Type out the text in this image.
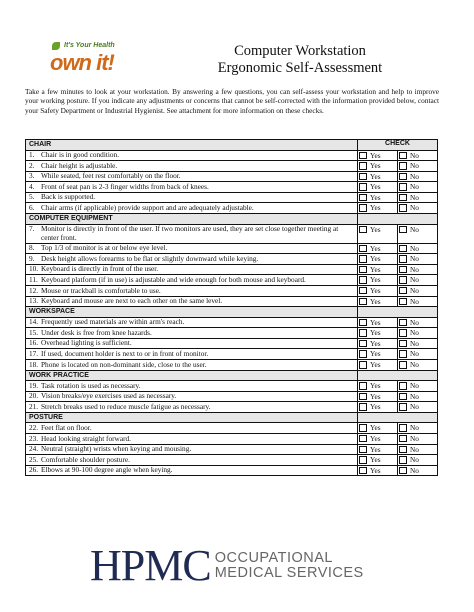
It's Your Health
own it!	Computer Workstation
Ergonomic Self-Assessment

Take a few minutes to look at your workstation. By answering a few questions, you can self-assess your workstation and help to improve your working posture. If you indicate any adjustments or concerns that cannot be self-corrected with the information provided below, contact your Safety Department or Industrial Hygienist. See attachment for more information on these checks.

CHAIR	CHECK
1. Chair is in good condition.	Yes	No
2. Chair height is adjustable.	Yes	No
3. While seated, feet rest comfortably on the floor.	Yes	No
4. Front of seat pan is 2-3 finger widths from back of knees.	Yes	No
5. Back is supported.	Yes	No
6. Chair arms (if applicable) provide support and are adequately adjustable.	Yes	No
COMPUTER EQUIPMENT
7. Monitor is directly in front of the user. If two monitors are used, they are set close together meeting at center front.
Yes	No
8. Top 1/3 of monitor is at or below eye level.	Yes	No
9. Desk height allows forearms to be flat or slightly downward while keying.	Yes	No
10. Keyboard is directly in front of the user.	Yes	No
11. Keyboard platform (if in use) is adjustable and wide enough for both mouse and keyboard.	Yes	No
12. Mouse or trackball is comfortable to use.	Yes	No
13. Keyboard and mouse are next to each other on the same level.	Yes	No
WORKSPACE
14. Frequently used materials are within arm's reach.	Yes	No
15. Under desk is free from knee hazards.	Yes	No
16. Overhead lighting is sufficient.	Yes	No
17. If used, document holder is next to or in front of monitor.	Yes	No
18. Phone is located on non-dominant side, close to the user.	Yes	No
WORK PRACTICE
19. Task rotation is used as necessary.	Yes	No
20. Vision breaks/eye exercises used as necessary.	Yes	No
21. Stretch breaks used to reduce muscle fatigue as necessary.	Yes	No
POSTURE
22. Feet flat on floor.	Yes	No
23. Head looking straight forward.	Yes	No
24. Neutral (straight) wrists when keying and mousing.	Yes	No
25. Comfortable shoulder posture.	Yes	No
26. Elbows at 90-100 degree angle when keying.	Yes	No
HPMC OCCUPATIONAL
MEDICAL SERVICES
